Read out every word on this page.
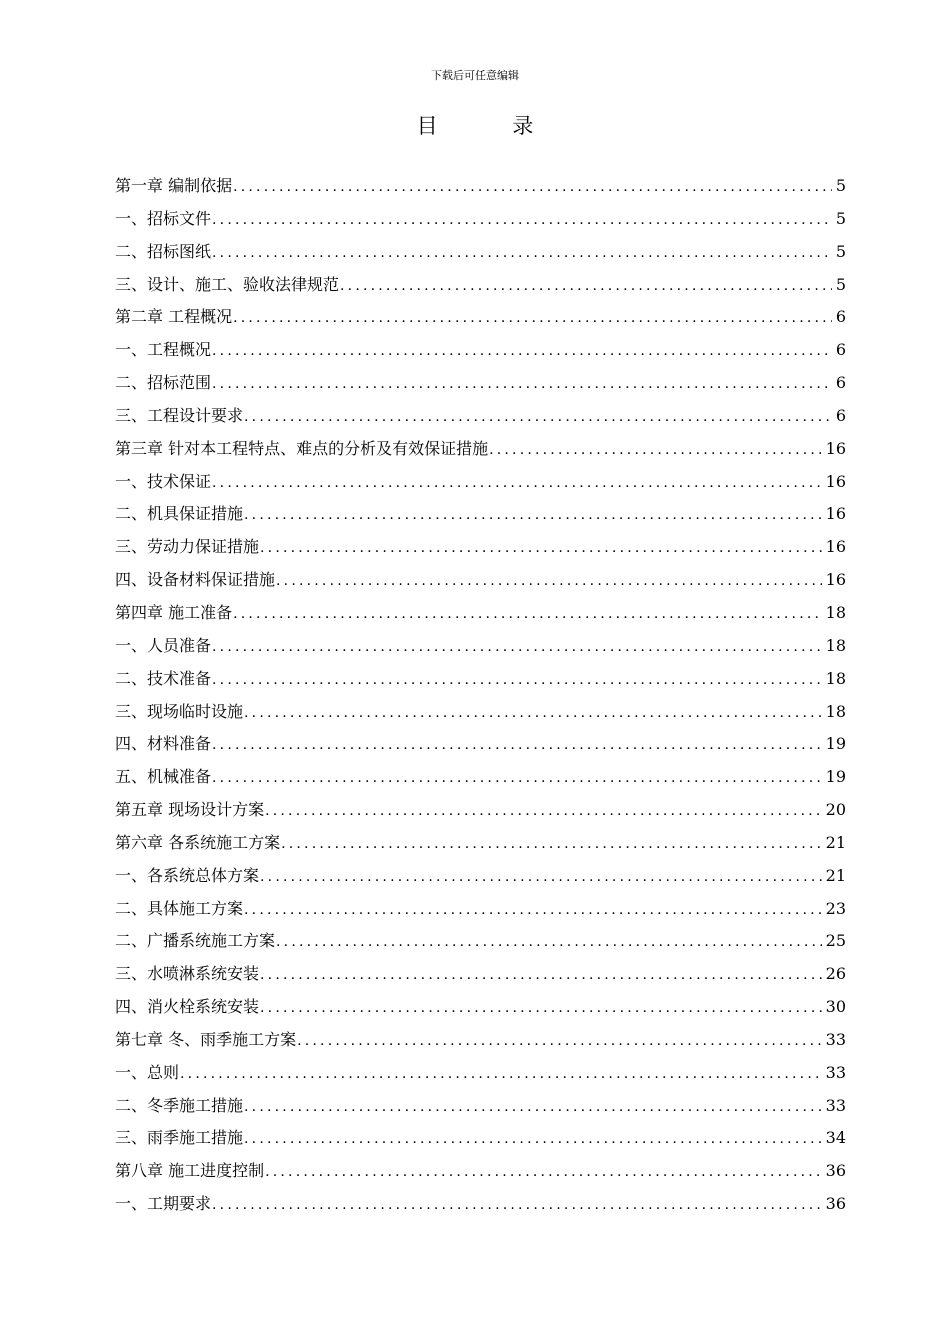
下载后可任意编辑
目 录
第一章 编制依据 .....	5
一、招标文件 .....	5
二、招标图纸 .....	5
三、设计、施工、验收法律规范 .....	5
第二章 工程概况 .....	6
一、工程概况 .....	6
二、招标范围 .....	6
三、工程设计要求 .....	6
第三章 针对本工程特点、难点的分析及有效保证措施 .....	16
一、技术保证 .....	16
二、机具保证措施 .....	16
三、劳动力保证措施 .....	16
四、设备材料保证措施 .....	16
第四章 施工准备 .....	18
一、人员准备 .....	18
二、技术准备 .....	18
三、现场临时设施 .....	18
四、材料准备 .....	19
五、机械准备 .....	19
第五章 现场设计方案 .....	20
第六章 各系统施工方案 .....	21
一、各系统总体方案 .....	21
二、具体施工方案 .....	23
二、广播系统施工方案 .....	25
三、水喷淋系统安装 .....	26
四、消火栓系统安装 .....	30
第七章 冬、雨季施工方案 .....	33
一、总则 .....	33
二、冬季施工措施 .....	33
三、雨季施工措施 .....	34
第八章 施工进度控制 .....	36
一、工期要求 .....	36
